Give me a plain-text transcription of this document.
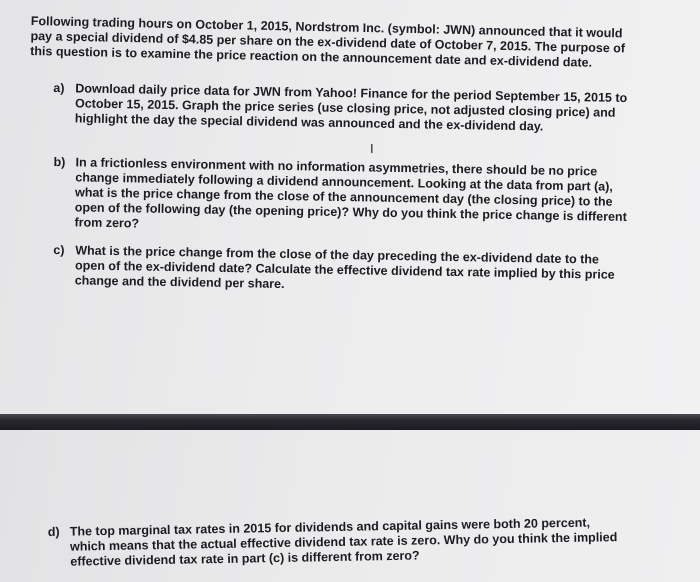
Following trading hours on October 1, 2015, Nordstrom Inc. (symbol: JWN) announced that it would pay a special dividend of $4.85 per share on the ex-dividend date of October 7, 2015. The purpose of this question is to examine the price reaction on the announcement date and ex-dividend date.

a) Download daily price data for JWN from Yahoo! Finance for the period September 15, 2015 to October 15, 2015. Graph the price series (use closing price, not adjusted closing price) and highlight the day the special dividend was announced and the ex-dividend day.

b) In a frictionless environment with no information asymmetries, there should be no price change immediately following a dividend announcement. Looking at the data from part (a), what is the price change from the close of the announcement day (the closing price) to the open of the following day (the opening price)? Why do you think the price change is different from zero?

c) What is the price change from the close of the day preceding the ex-dividend date to the open of the ex-dividend date? Calculate the effective dividend tax rate implied by this price change and the dividend per share.

I
d) The top marginal tax rates in 2015 for dividends and capital gains were both 20 percent, which means that the actual effective dividend tax rate is zero. Why do you think the implied effective dividend tax rate in part (c) is different from zero?
